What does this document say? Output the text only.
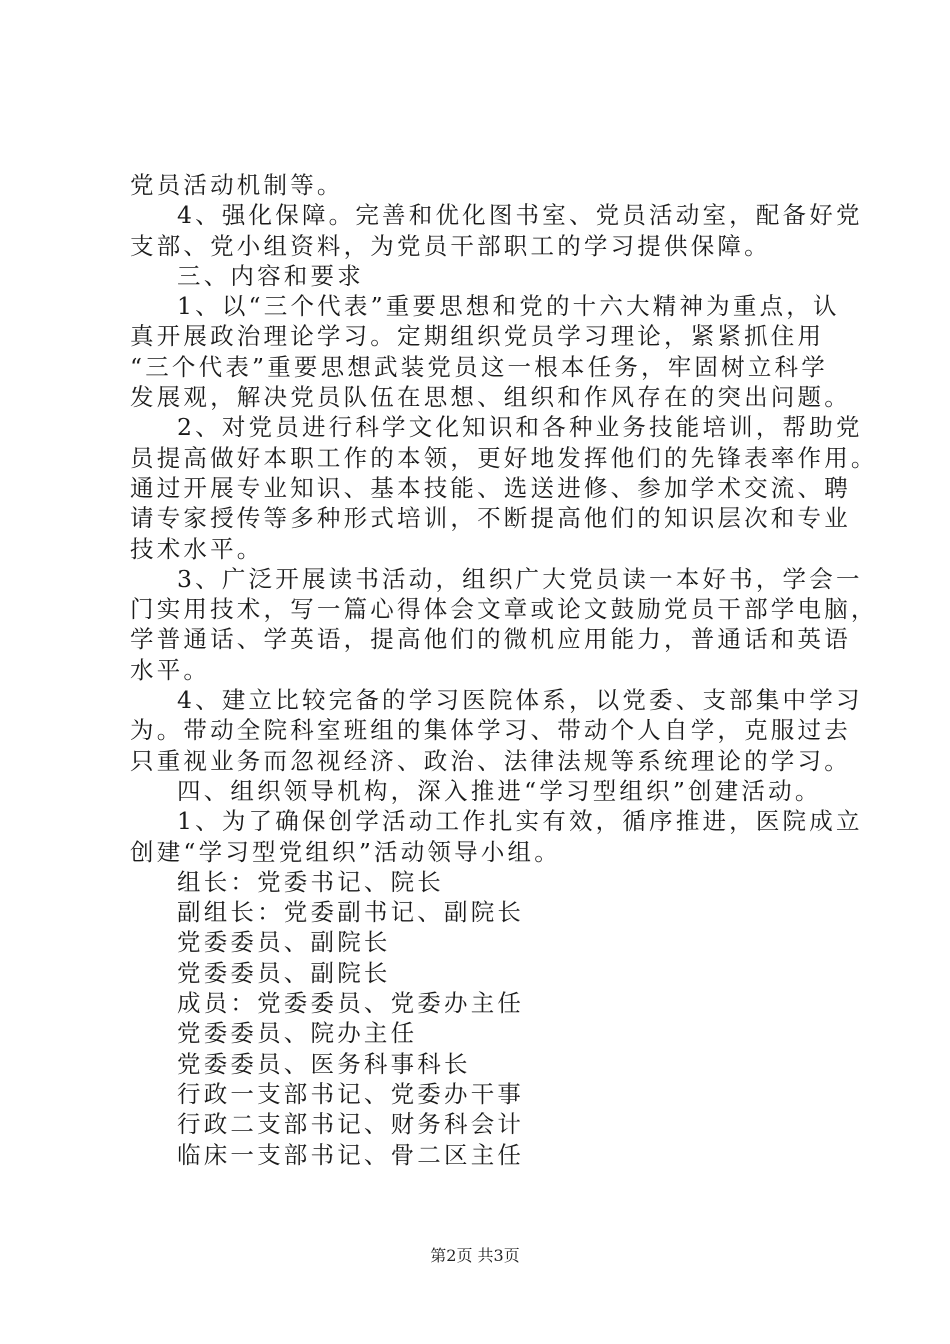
党员活动机制等。
4、强化保障。完善和优化图书室、党员活动室，配备好党
支部、党小组资料，为党员干部职工的学习提供保障。
三、内容和要求
1、以“三个代表”重要思想和党的十六大精神为重点，认
真开展政治理论学习。定期组织党员学习理论，紧紧抓住用
“三个代表”重要思想武装党员这一根本任务，牢固树立科学
发展观，解决党员队伍在思想、组织和作风存在的突出问题。
2、对党员进行科学文化知识和各种业务技能培训，帮助党
员提高做好本职工作的本领，更好地发挥他们的先锋表率作用。
通过开展专业知识、基本技能、选送进修、参加学术交流、聘
请专家授传等多种形式培训，不断提高他们的知识层次和专业
技术水平。
3、广泛开展读书活动，组织广大党员读一本好书，学会一
门实用技术，写一篇心得体会文章或论文鼓励党员干部学电脑，
学普通话、学英语，提高他们的微机应用能力，普通话和英语
水平。
4、建立比较完备的学习医院体系，以党委、支部集中学习
为。带动全院科室班组的集体学习、带动个人自学，克服过去
只重视业务而忽视经济、政治、法律法规等系统理论的学习。
四、组织领导机构，深入推进“学习型组织”创建活动。
1、为了确保创学活动工作扎实有效，循序推进，医院成立
创建“学习型党组织”活动领导小组。
组长：党委书记、院长
副组长：党委副书记、副院长
党委委员、副院长
党委委员、副院长
成员：党委委员、党委办主任
党委委员、院办主任
党委委员、医务科事科长
行政一支部书记、党委办干事
行政二支部书记、财务科会计
临床一支部书记、骨二区主任
第2页 共3页
